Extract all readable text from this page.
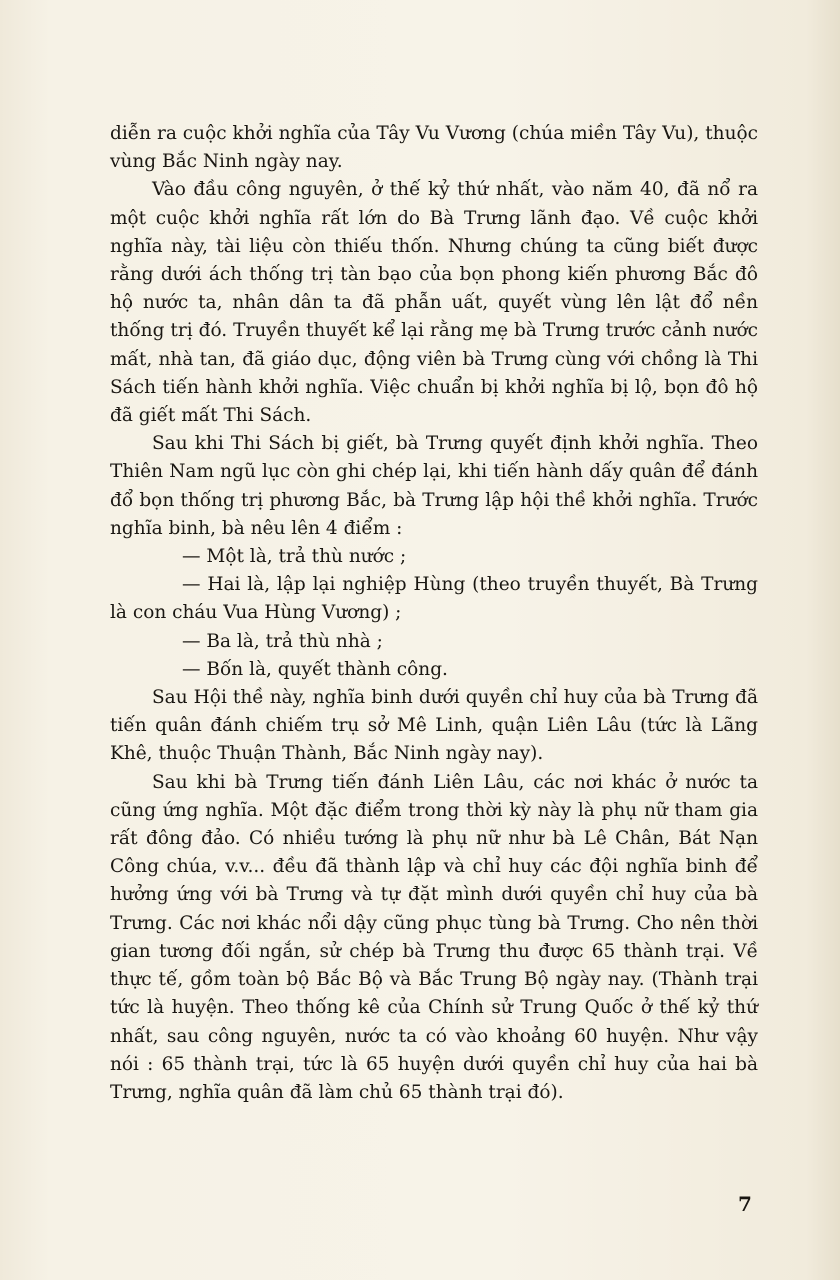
diễn ra cuộc khởi nghĩa của Tây Vu Vương (chúa miền Tây Vu), thuộc vùng Bắc Ninh ngày nay.

Vào đầu công nguyên, ở thế kỷ thứ nhất, vào năm 40, đã nổ ra một cuộc khởi nghĩa rất lớn do Bà Trưng lãnh đạo. Về cuộc khởi nghĩa này, tài liệu còn thiếu thốn. Nhưng chúng ta cũng biết được rằng dưới ách thống trị tàn bạo của bọn phong kiến phương Bắc đô hộ nước ta, nhân dân ta đã phẫn uất, quyết vùng lên lật đổ nền thống trị đó. Truyền thuyết kể lại rằng mẹ bà Trưng trước cảnh nước mất, nhà tan, đã giáo dục, động viên bà Trưng cùng với chồng là Thi Sách tiến hành khởi nghĩa. Việc chuẩn bị khởi nghĩa bị lộ, bọn đô hộ đã giết mất Thi Sách.

Sau khi Thi Sách bị giết, bà Trưng quyết định khởi nghĩa. Theo Thiên Nam ngũ lục còn ghi chép lại, khi tiến hành dấy quân để đánh đổ bọn thống trị phương Bắc, bà Trưng lập hội thề khởi nghĩa. Trước nghĩa binh, bà nêu lên 4 điểm :

— Một là, trả thù nước ;

— Hai là, lập lại nghiệp Hùng (theo truyền thuyết, Bà Trưng là con cháu Vua Hùng Vương) ;

— Ba là, trả thù nhà ;

— Bốn là, quyết thành công.

Sau Hội thề này, nghĩa binh dưới quyền chỉ huy của bà Trưng đã tiến quân đánh chiếm trụ sở Mê Linh, quận Liên Lâu (tức là Lãng Khê, thuộc Thuận Thành, Bắc Ninh ngày nay).

Sau khi bà Trưng tiến đánh Liên Lâu, các nơi khác ở nước ta cũng ứng nghĩa. Một đặc điểm trong thời kỳ này là phụ nữ tham gia rất đông đảo. Có nhiều tướng là phụ nữ như bà Lê Chân, Bát Nạn Công chúa, v.v... đều đã thành lập và chỉ huy các đội nghĩa binh để hưởng ứng với bà Trưng và tự đặt mình dưới quyền chỉ huy của bà Trưng. Các nơi khác nổi dậy cũng phục tùng bà Trưng. Cho nên thời gian tương đối ngắn, sử chép bà Trưng thu được 65 thành trại. Về thực tế, gồm toàn bộ Bắc Bộ và Bắc Trung Bộ ngày nay. (Thành trại tức là huyện. Theo thống kê của Chính sử Trung Quốc ở thế kỷ thứ nhất, sau công nguyên, nước ta có vào khoảng 60 huyện. Như vậy nói : 65 thành trại, tức là 65 huyện dưới quyền chỉ huy của hai bà Trưng, nghĩa quân đã làm chủ 65 thành trại đó).

7
